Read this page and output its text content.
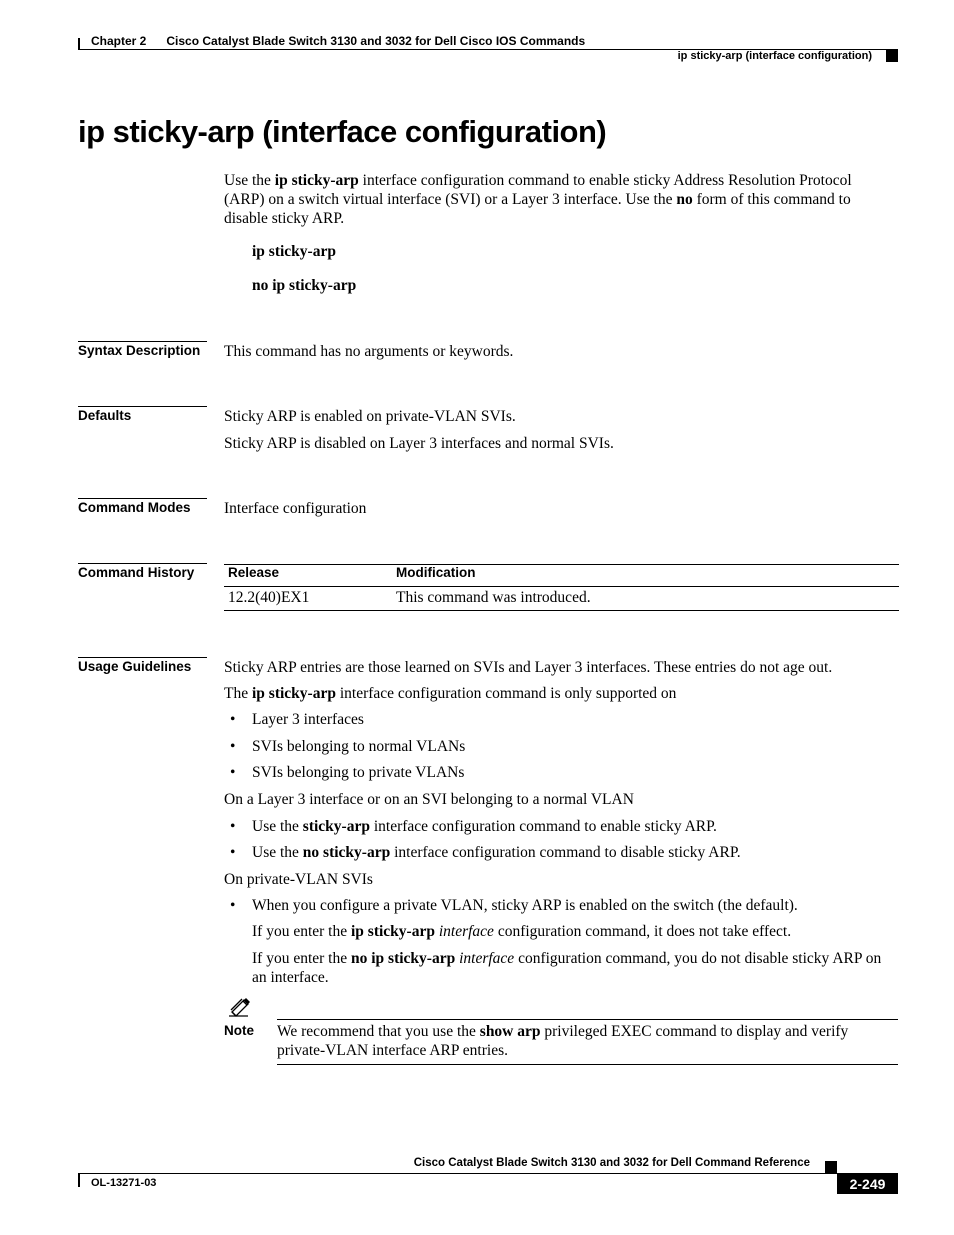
Chapter 2      Cisco Catalyst Blade Switch 3130 and 3032 for Dell Cisco IOS Commands
ip sticky-arp (interface configuration)
ip sticky-arp (interface configuration)
Use the ip sticky-arp interface configuration command to enable sticky Address Resolution Protocol (ARP) on a switch virtual interface (SVI) or a Layer 3 interface. Use the no form of this command to disable sticky ARP.
ip sticky-arp
no ip sticky-arp
Syntax Description This command has no arguments or keywords.
Defaults	Sticky ARP is enabled on private-VLAN SVIs.
Sticky ARP is disabled on Layer 3 interfaces and normal SVIs.
Command Modes Interface configuration
Command History Release	Modification
12.2(40)EX1	This command was introduced.
Usage Guidelines Sticky ARP entries are those learned on SVIs and Layer 3 interfaces. These entries do not age out.
The ip sticky-arp interface configuration command is only supported on
• Layer 3 interfaces
• SVIs belonging to normal VLANs
• SVIs belonging to private VLANs
On a Layer 3 interface or on an SVI belonging to a normal VLAN
• Use the sticky-arp interface configuration command to enable sticky ARP.
• Use the no sticky-arp interface configuration command to disable sticky ARP.
On private-VLAN SVIs
• When you configure a private VLAN, sticky ARP is enabled on the switch (the default).
If you enter the ip sticky-arp interface configuration command, it does not take effect.
If you enter the no ip sticky-arp interface configuration command, you do not disable sticky ARP on an interface.
Note We recommend that you use the show arp privileged EXEC command to display and verify private-VLAN interface ARP entries.
Cisco Catalyst Blade Switch 3130 and 3032 for Dell Command Reference
OL-13271-03	2-249
